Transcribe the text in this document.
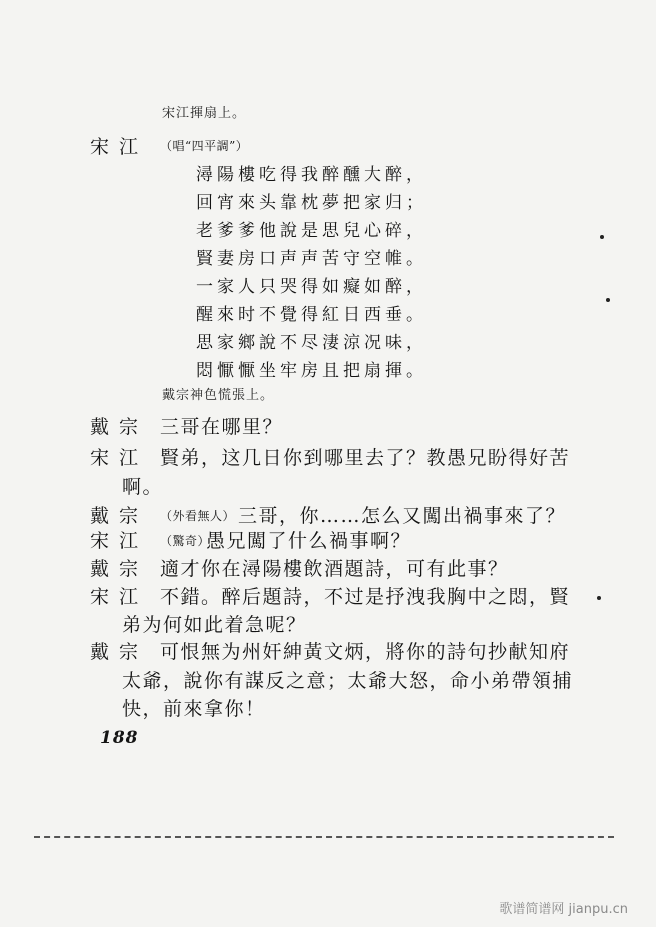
宋江揮扇上。
宋江 （唱“四平調”）
潯陽樓吃得我醉醺大醉，
回宵來头靠枕夢把家归；
老爹爹他說是思兒心碎，
賢妻房口声声苦守空帷。
一家人只哭得如癡如醉，
醒來时不覺得紅日西垂。
思家鄉說不尽淒涼况味，
悶懨懨坐牢房且把扇揮。
戴宗神色慌張上。
戴宗 三哥在哪里？
宋江 賢弟，这几日你到哪里去了？教愚兄盼得好苦
啊。
戴宗 （外看無人） 三哥，你……怎么又闖出禍事來了？
宋江 （驚奇）
愚兄闖了什么禍事啊？
戴宗 適才你在潯陽樓飲酒題詩，可有此事？
宋江 不錯。醉后題詩，不过是抒洩我胸中之悶，賢
弟为何如此着急呢？
戴宗 可恨無为州奸紳黃文炳，將你的詩句抄献知府
太爺，說你有謀反之意；太爺大怒，命小弟帶領捕
快，前來拿你！
188
歌谱简谱网 jianpu.cn
